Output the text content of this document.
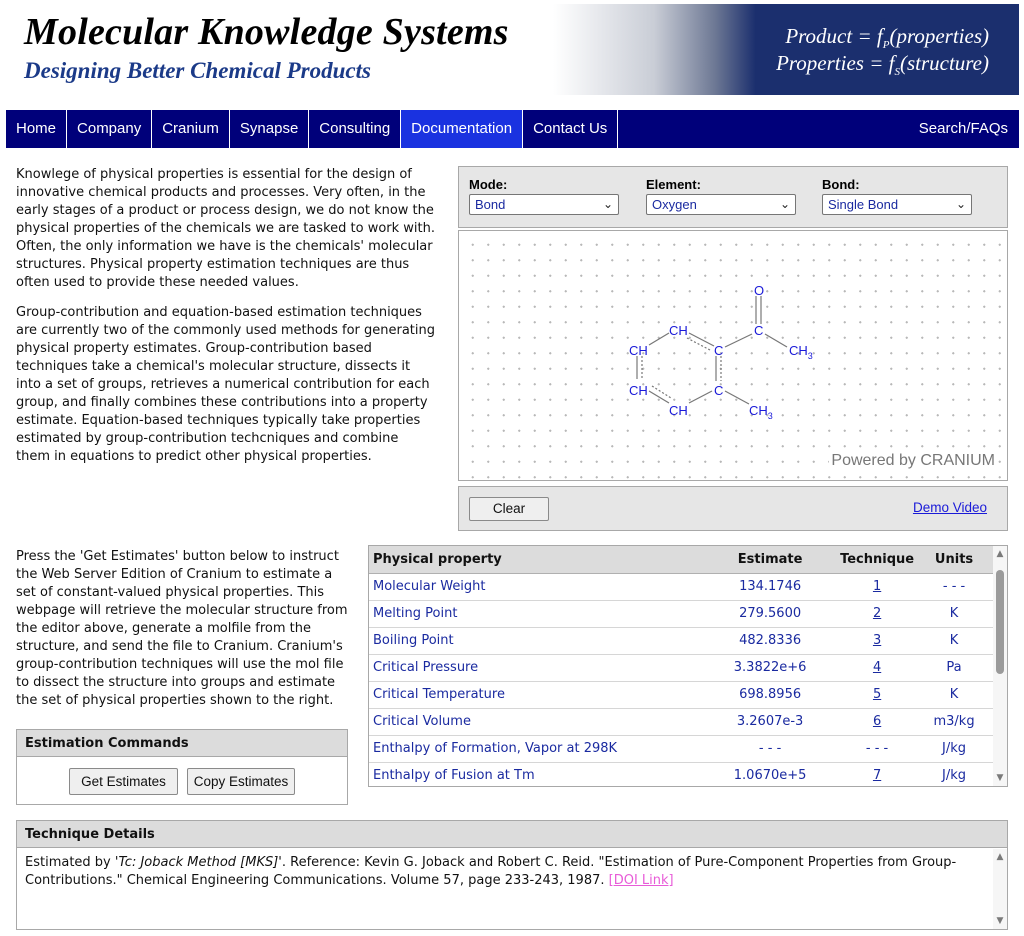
Molecular Knowledge Systems
Designing Better Chemical Products
Product = $f_P(properties)$
Properties = $f_S(structure)$
Home	Company	Cranium	Synapse	Consulting	Documentation	Contact Us	Search/FAQs
Knowlege of physical properties is essential for the design of innovative chemical products and processes. Very often, in the early stages of a product or process design, we do not know the physical properties of the chemicals we are tasked to work with. Often, the only information we have is the chemicals' molecular structures. Physical property estimation techniques are thus often used to provide these needed values.
Group-contribution and equation-based estimation techniques are currently two of the commonly used methods for generating physical property estimates. Group-contribution based techniques take a chemical's molecular structure, dissects it into a set of groups, retrieves a numerical contribution for each group, and finally combines these contributions into a property estimate. Equation-based techniques typically take properties estimated by group-contribution techcniques and combine them in equations to predict other physical properties.
Mode:
Bond	⌄
Element:
Oxygen	⌄
Bond:
Single Bond	⌄
O
C
$CH_3$
CH
CH
CH
CH
C
C
$CH_3$
Powered by CRANIUM
Clear	Demo Video
Press the 'Get Estimates' button below to instruct the Web Server Edition of Cranium to estimate a set of constant-valued physical properties. This webpage will retrieve the molecular structure from the editor above, generate a molfile from the structure, and send the file to Cranium. Cranium's group-contribution techniques will use the mol file to dissect the structure into groups and estimate the set of physical properties shown to the right.
Estimation Commands
Get Estimates	Copy Estimates
Physical property	Estimate	Technique	Units
Molecular Weight	134.1746	1	- - -
Melting Point	279.5600	2	K
Boiling Point	482.8336	3	K
Critical Pressure	3.3822e+6	4	Pa
Critical Temperature	698.8956	5	K
Critical Volume	3.2607e-3	6	m3/kg
Enthalpy of Formation, Vapor at 298K	- - -	- - -	J/kg
Enthalpy of Fusion at Tm	1.0670e+5	7	J/kg
▲
▼
Technique Details
Estimated by 'Tc: Joback Method [MKS]'. Reference: Kevin G. Joback and Robert C. Reid. "Estimation of Pure-Component Properties from Group-Contributions." Chemical Engineering Communications. Volume 57, page 233-243, 1987. [DOI Link]
▲
▼
